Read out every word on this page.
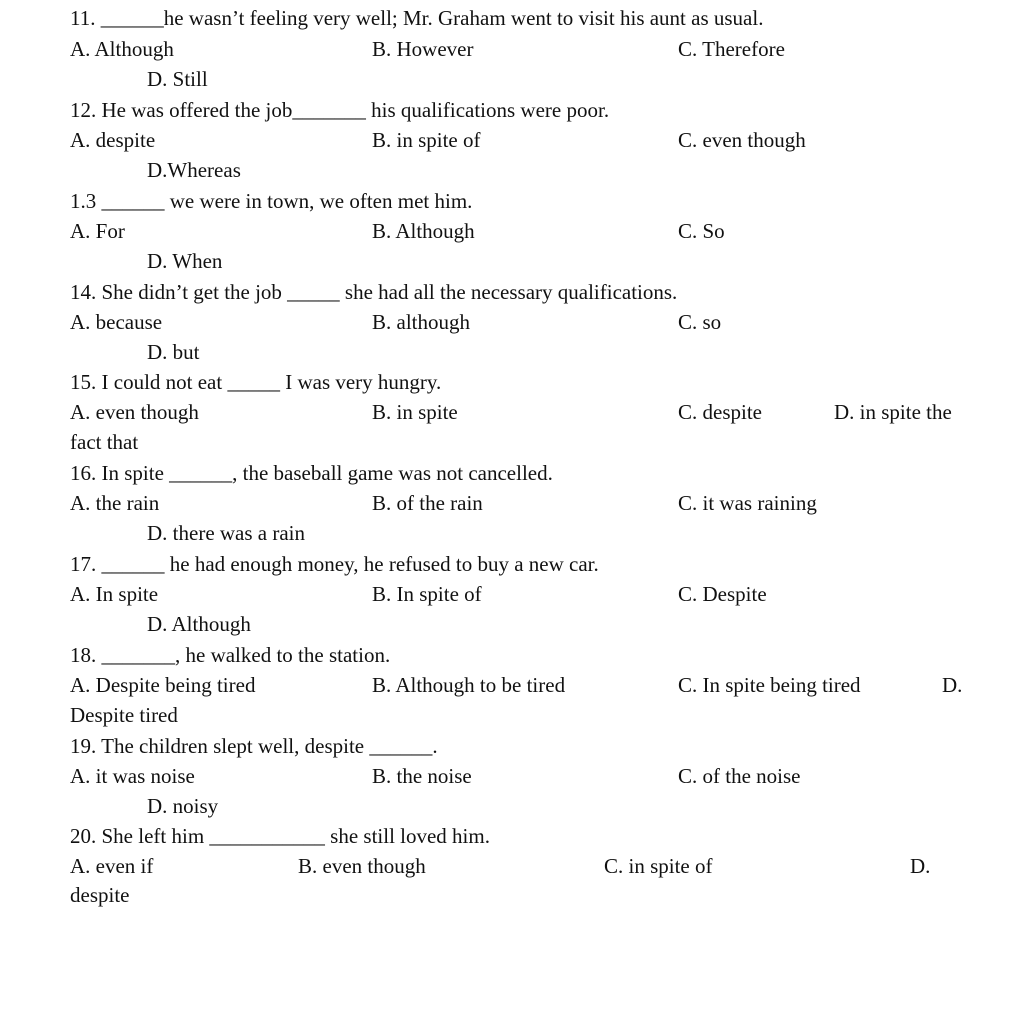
11. ______he wasn’t feeling very well; Mr. Graham went to visit his aunt as usual.

A. Although

	B. However

	C. Therefore

D. Still

12. He was offered the job_______ his qualifications were poor.

A. despite

	B. in spite of

	C. even though

D.Whereas

1.3 ______ we were in town, we often met him.

A. For

	B. Although

	C. So

D. When

14. She didn’t get the job _____ she had all the necessary qualifications.

A. because

	B. although

	C. so

D. but

15. I could not eat _____ I was very hungry.

A. even though

	B. in spite

	C. despite

	D. in spite the

fact that

16. In spite ______, the baseball game was not cancelled.

A. the rain

	B. of the rain

	C. it was raining

D. there was a rain

17. ______ he had enough money, he refused to buy a new car.

A. In spite

	B. In spite of

	C. Despite

D. Although

18. _______, he walked to the station.

A. Despite being tired

	B. Although to be tired

	C. In spite being tired

	D.

Despite tired

19. The children slept well, despite ______.

A. it was noise

	B. the noise

	C. of the noise

D. noisy

20. She left him ___________ she still loved him.

A. even if

	B. even though

	C. in spite of

	D.

despite
